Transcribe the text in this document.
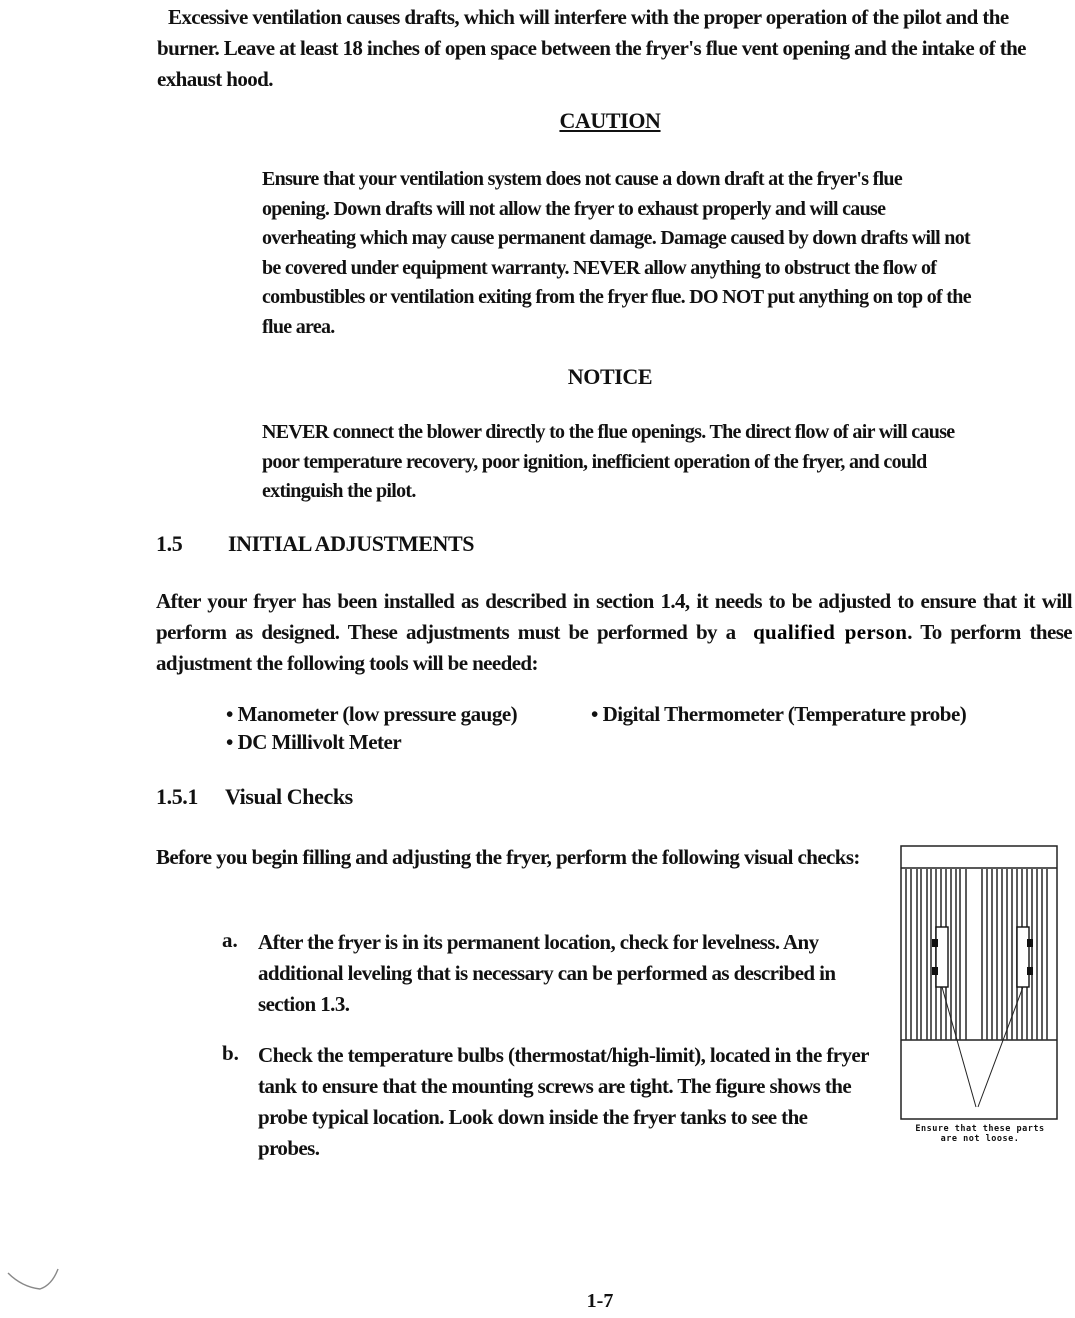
Excessive ventilation causes drafts, which will interfere with the proper operation of the pilot and the burner. Leave at least 18 inches of open space between the fryer's flue vent opening and the intake of the exhaust hood.
CAUTION
Ensure that your ventilation system does not cause a down draft at the fryer's flue opening. Down drafts will not allow the fryer to exhaust properly and will cause overheating which may cause permanent damage. Damage caused by down drafts will not be covered under equipment warranty. NEVER allow anything to obstruct the flow of combustibles or ventilation exiting from the fryer flue. DO NOT put anything on top of the flue area.
NOTICE
NEVER connect the blower directly to the flue openings. The direct flow of air will cause poor temperature recovery, poor ignition, inefficient operation of the fryer, and could extinguish the pilot.
1.5 INITIAL ADJUSTMENTS
After your fryer has been installed as described in section 1.4, it needs to be adjusted to ensure that it will perform as designed. These adjustments must be performed by a qualified person. To perform these adjustment the following tools will be needed:
• Manometer (low pressure gauge)	• Digital Thermometer (Temperature probe)
• DC Millivolt Meter
1.5.1 Visual Checks
Before you begin filling and adjusting the fryer, perform the following visual checks:
a. After the fryer is in its permanent location, check for levelness. Any additional leveling that is necessary can be performed as described in section 1.3.
b. Check the temperature bulbs (thermostat/high-limit), located in the fryer tank to ensure that the mounting screws are tight. The figure shows the probe typical location. Look down inside the fryer tanks to see the probes.
Ensure that these parts
are not loose.
1-7
